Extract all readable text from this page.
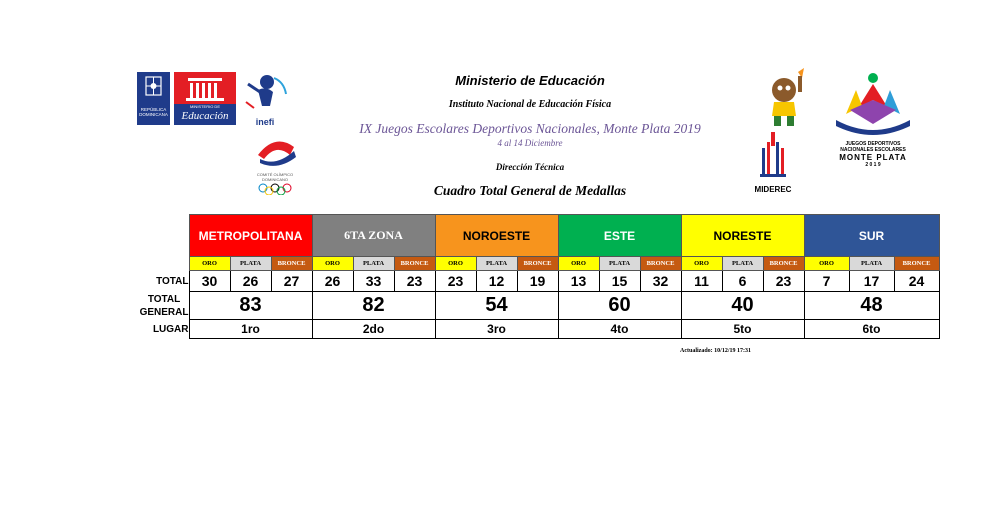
Ministerio de Educación
Instituto Nacional de Educación Física
IX Juegos Escolares Deportivos Nacionales, Monte Plata 2019
4 al 14 Diciembre
Dirección Técnica
Cuadro Total General de Medallas
REPÚBLICA DOMINICANA
MINISTERIO DE
Educación	inefi
COMITÉ OLÍMPICO DOMINICANO
MIDEREC
JUEGOS DEPORTIVOS
NACIONALES ESCOLARES
MONTE PLATA
2 0 1 9
	METROPOLITANA			6TA ZONA			NOROESTE			ESTE			NORESTE			SUR		
	ORO	PLATA	BRONCE	ORO	PLATA	BRONCE	ORO	PLATA	BRONCE	ORO	PLATA	BRONCE	ORO	PLATA	BRONCE	ORO	PLATA	BRONCE
TOTAL	30	26	27	26	33	23	23	12	19	13	15	32	11	6	23	7	17	24
TOTAL
GENERAL	83			82			54			60			40			48		
LUGAR	1ro			2do			3ro			4to			5to			6to		
Actualizado: 10/12/19 17:31
